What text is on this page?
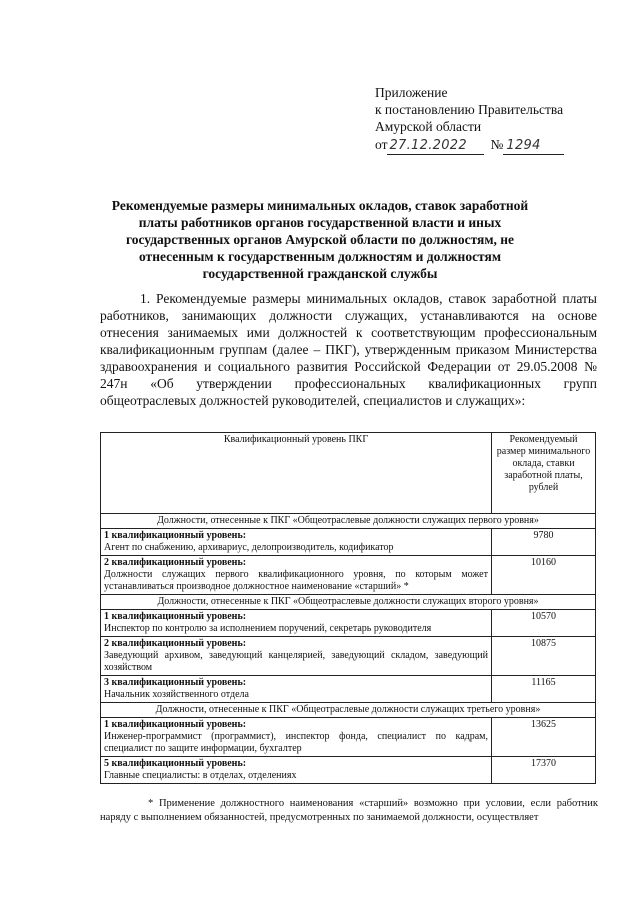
Приложение
к постановлению Правительства
Амурской области
от 27.12.2022	№ 1294
Рекомендуемые размеры минимальных окладов, ставок заработной платы работников органов государственной власти и иных государственных органов Амурской области по должностям, не отнесенным к государственным должностям и должностям государственной гражданской службы
1. Рекомендуемые размеры минимальных окладов, ставок заработной платы работников, занимающих должности служащих, устанавливаются на основе отнесения занимаемых ими должностей к соответствующим профессиональным квалификационным группам (далее – ПКГ), утвержденным приказом Министерства здравоохранения и социального развития Российской Федерации от 29.05.2008 № 247н «Об утверждении профессиональных квалификационных групп общеотраслевых должностей руководителей, специалистов и служащих»:
Квалификационный уровень ПКГ	Рекомендуемый размер минимального оклада, ставки заработной платы, рублей
Должности, отнесенные к ПКГ «Общеотраслевые должности служащих первого уровня»	

1 квалификационный уровень:
Агент по снабжению, архивариус, делопроизводитель, кодификатор	9780

2 квалификационный уровень:
Должности служащих первого квалификационного уровня, по которым может устанавливаться производное должностное наименование «старший» *	10160
Должности, отнесенные к ПКГ «Общеотраслевые должности служащих второго уровня»	

1 квалификационный уровень:
Инспектор по контролю за исполнением поручений, секретарь руководителя	10570

2 квалификационный уровень:
Заведующий архивом, заведующий канцелярией, заведующий складом, заведующий хозяйством	10875

3 квалификационный уровень:
Начальник хозяйственного отдела	11165
Должности, отнесенные к ПКГ «Общеотраслевые должности служащих третьего уровня»	

1 квалификационный уровень:
Инженер-программист (программист), инспектор фонда, специалист по кадрам, специалист по защите информации, бухгалтер	13625

5 квалификационный уровень:
Главные специалисты: в отделах, отделениях	17370
* Применение должностного наименования «старший» возможно при условии, если работник наряду с выполнением обязанностей, предусмотренных по занимаемой должности, осуществляет
